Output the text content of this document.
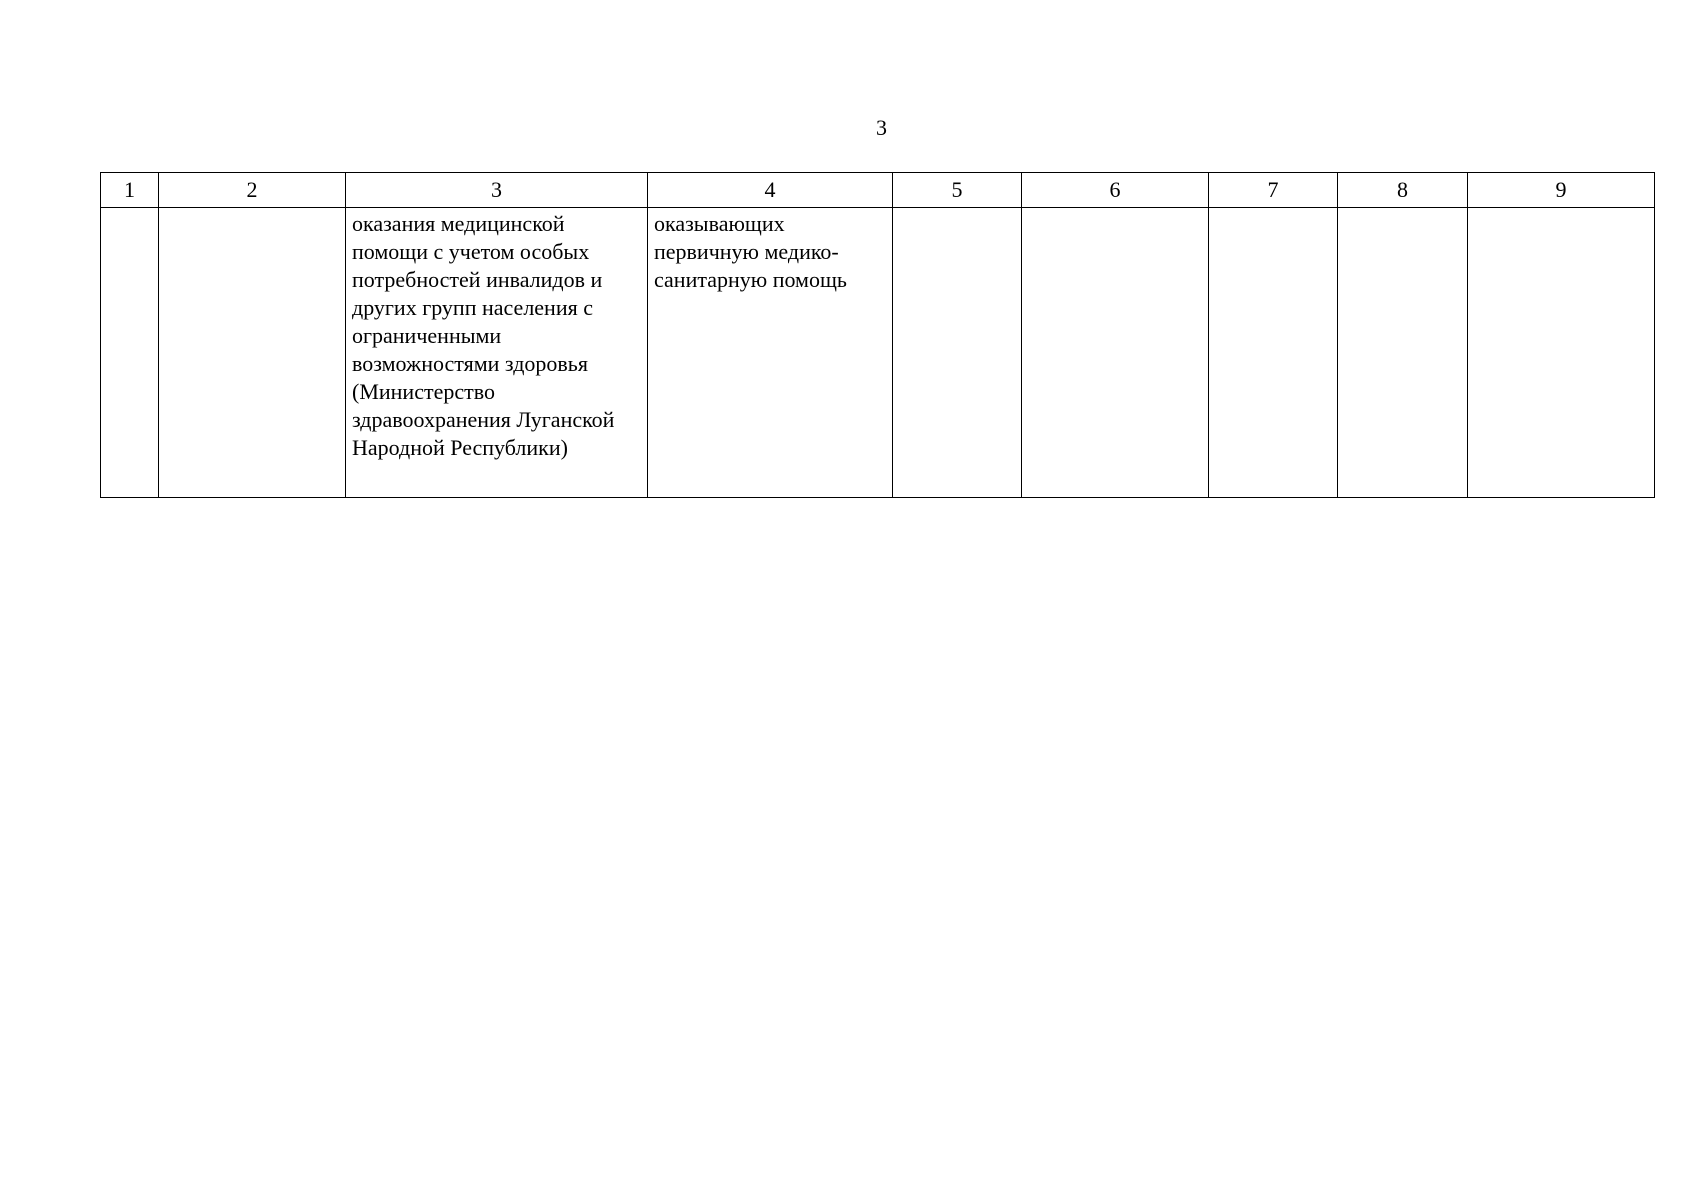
3
1	2	3	4	5	6	7	8	9

		оказания медицинской помощи с учетом особых потребностей инвалидов и других групп населения с ограниченными возможностями здоровья (Министерство здравоохранения Луганской Народной Республики)	оказывающих первичную медико-санитарную помощь					
